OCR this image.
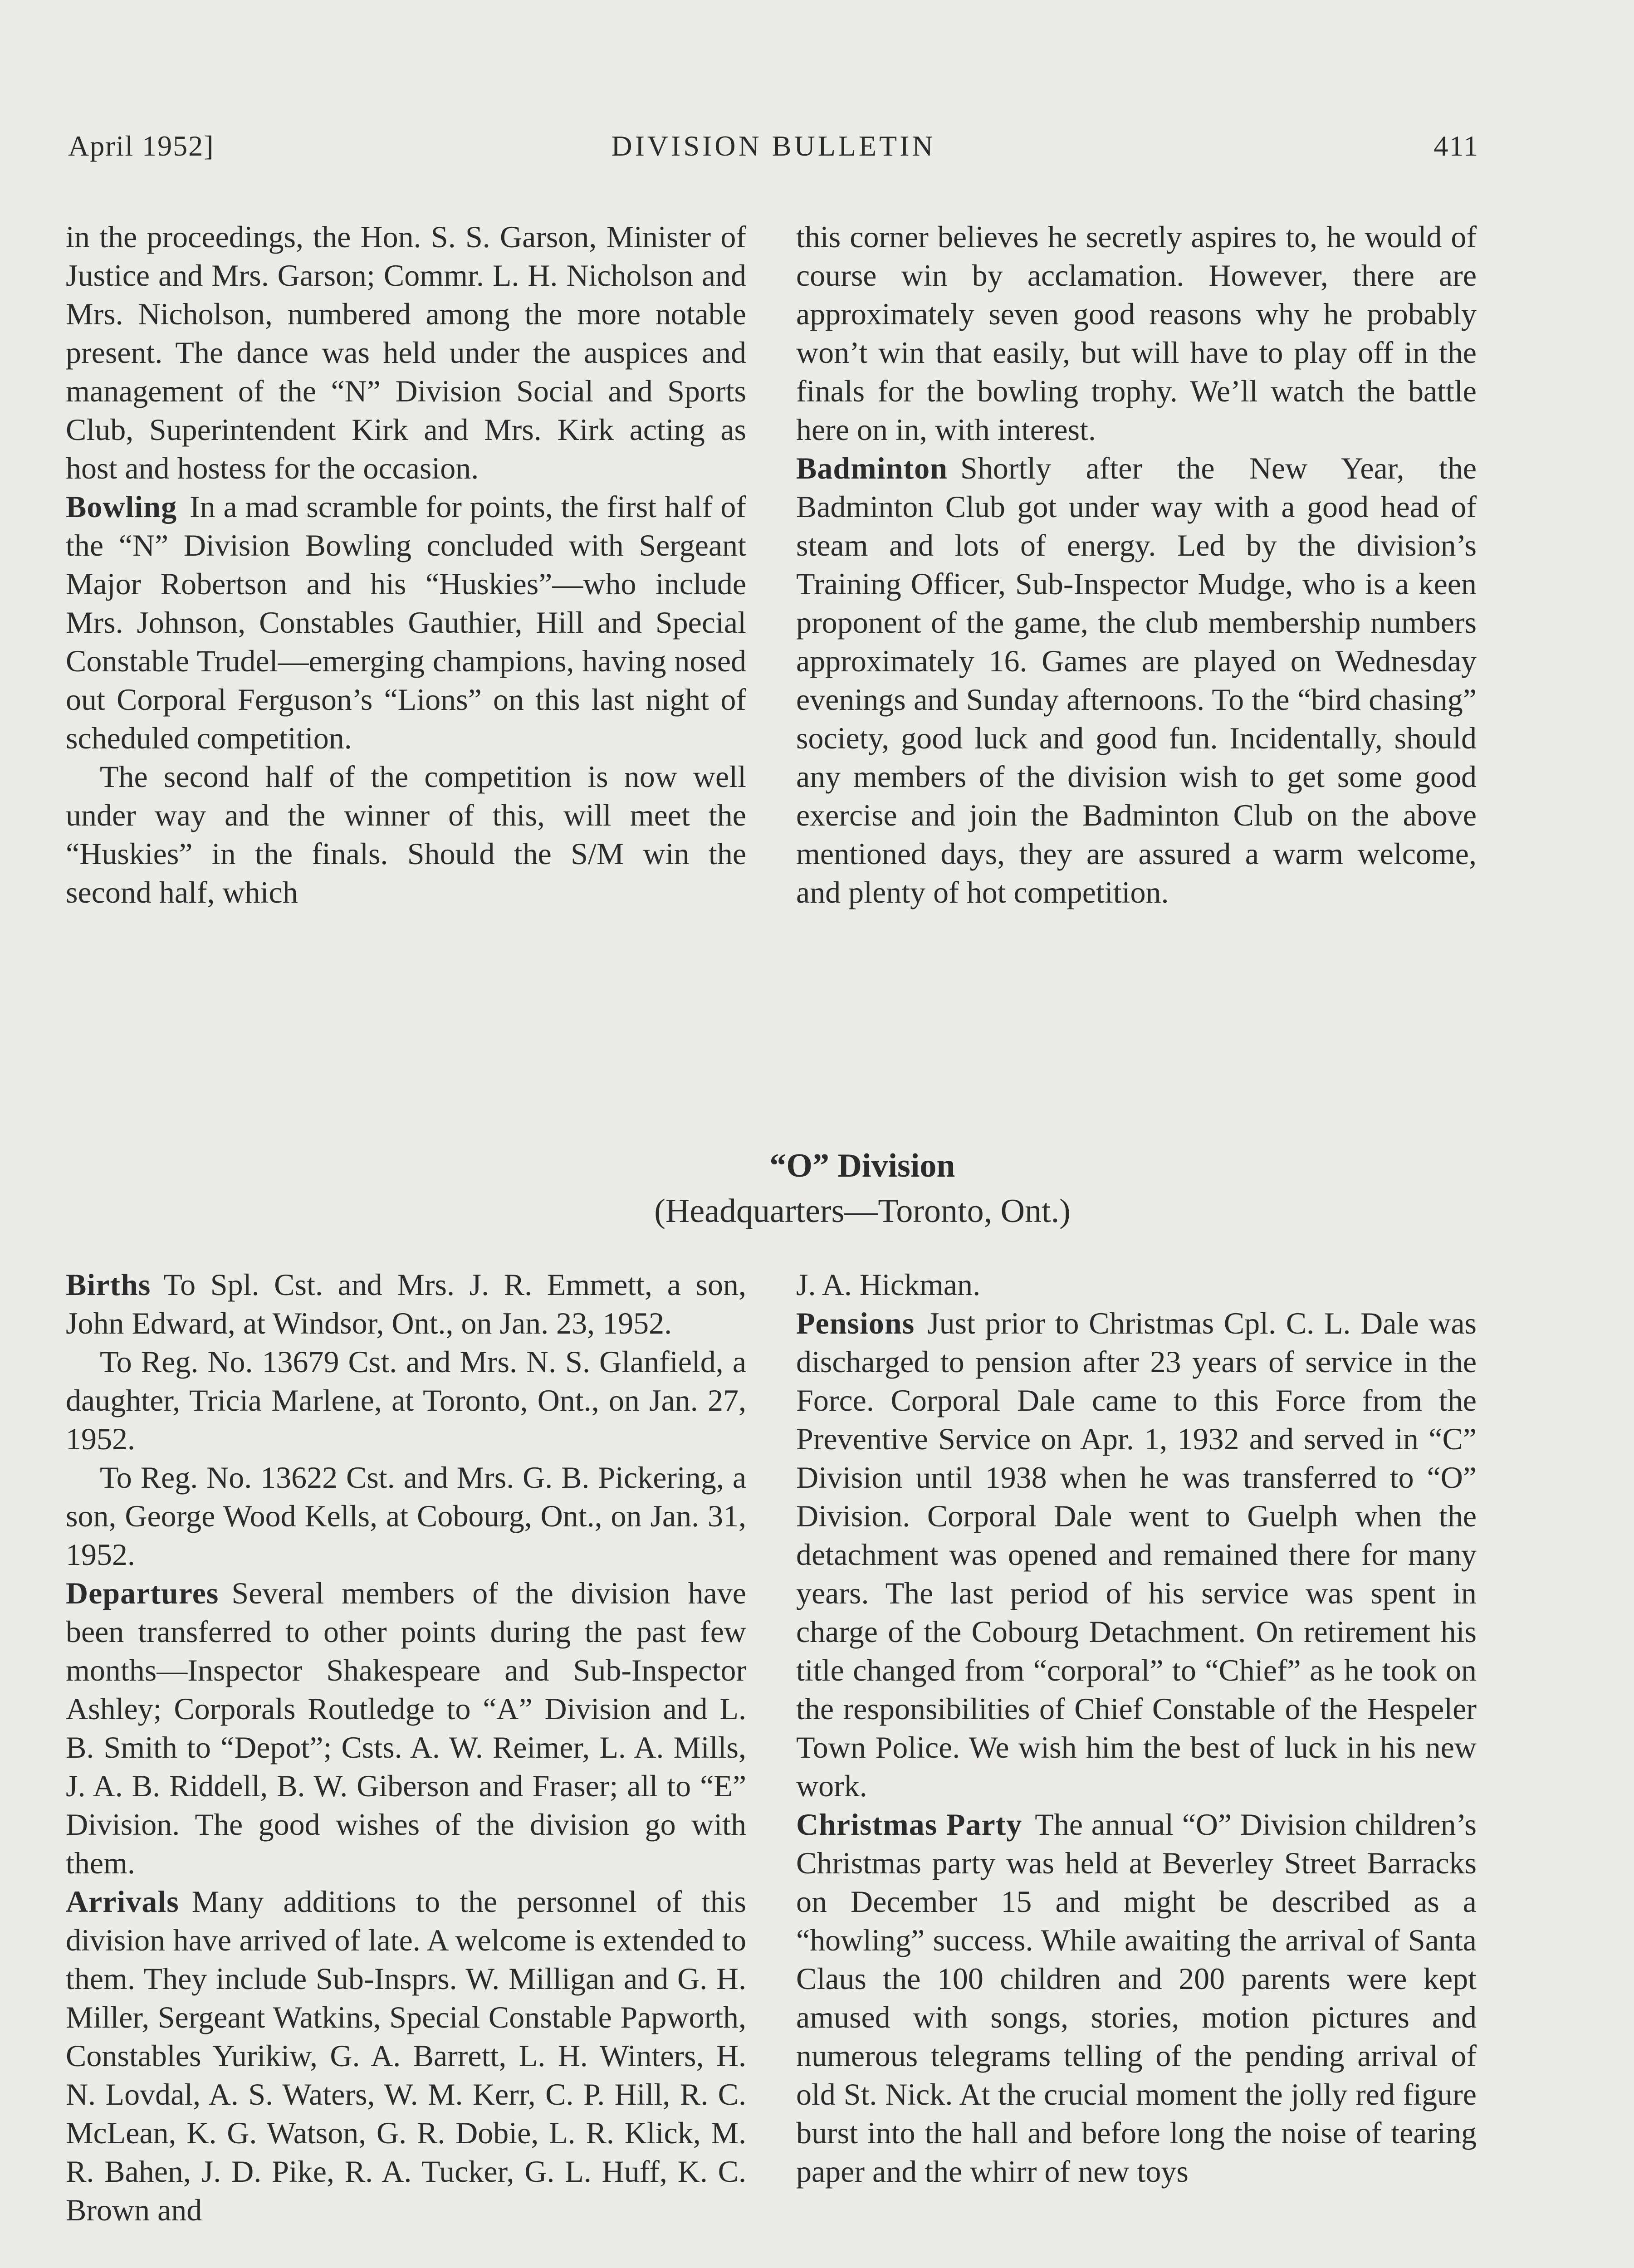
April 1952]	DIVISION BULLETIN	411

in the proceedings, the Hon. S. S. Garson, Minister of Justice and Mrs. Garson; Commr. L. H. Nicholson and Mrs. Nicholson, numbered among the more notable present. The dance was held under the auspices and management of the “N” Division Social and Sports Club, Superintendent Kirk and Mrs. Kirk acting as host and hostess for the occasion.

Bowling In a mad scramble for points, the first half of the “N” Division Bowling concluded with Sergeant Major Robertson and his “Huskies”—who include Mrs. Johnson, Constables Gauthier, Hill and Special Constable Trudel—emerging champions, having nosed out Corporal Ferguson’s “Lions” on this last night of scheduled competition.

The second half of the competition is now well under way and the winner of this, will meet the “Huskies” in the finals. Should the S/M win the second half, which

this corner believes he secretly aspires to, he would of course win by acclamation. However, there are approximately seven good reasons why he probably won’t win that easily, but will have to play off in the finals for the bowling trophy. We’ll watch the battle here on in, with interest.

Badminton Shortly after the New Year, the Badminton Club got under way with a good head of steam and lots of energy. Led by the division’s Training Officer, Sub-Inspector Mudge, who is a keen proponent of the game, the club membership numbers approximately 16. Games are played on Wednesday evenings and Sunday afternoons. To the “bird chasing” society, good luck and good fun. Incidentally, should any members of the division wish to get some good exercise and join the Badminton Club on the above mentioned days, they are assured a warm welcome, and plenty of hot competition.

“O” Division
(Headquarters—Toronto, Ont.)

Births To Spl. Cst. and Mrs. J. R. Emmett, a son, John Edward, at Windsor, Ont., on Jan. 23, 1952.

To Reg. No. 13679 Cst. and Mrs. N. S. Glanfield, a daughter, Tricia Marlene, at Toronto, Ont., on Jan. 27, 1952.

To Reg. No. 13622 Cst. and Mrs. G. B. Pickering, a son, George Wood Kells, at Cobourg, Ont., on Jan. 31, 1952.

Departures Several members of the division have been transferred to other points during the past few months—Inspector Shakespeare and Sub-Inspector Ashley; Corporals Routledge to “A” Division and L. B. Smith to “Depot”; Csts. A. W. Reimer, L. A. Mills, J. A. B. Riddell, B. W. Giberson and Fraser; all to “E” Division. The good wishes of the division go with them.

Arrivals Many additions to the personnel of this division have arrived of late. A welcome is extended to them. They include Sub-Insprs. W. Milligan and G. H. Miller, Sergeant Watkins, Special Constable Papworth, Constables Yurikiw, G. A. Barrett, L. H. Winters, H. N. Lovdal, A. S. Waters, W. M. Kerr, C. P. Hill, R. C. McLean, K. G. Watson, G. R. Dobie, L. R. Klick, M. R. Bahen, J. D. Pike, R. A. Tucker, G. L. Huff, K. C. Brown and

J. A. Hickman.

Pensions Just prior to Christmas Cpl. C. L. Dale was discharged to pension after 23 years of service in the Force. Corporal Dale came to this Force from the Preventive Service on Apr. 1, 1932 and served in “C” Division until 1938 when he was transferred to “O” Division. Corporal Dale went to Guelph when the detachment was opened and remained there for many years. The last period of his service was spent in charge of the Cobourg Detachment. On retirement his title changed from “corporal” to “Chief” as he took on the responsibilities of Chief Constable of the Hespeler Town Police. We wish him the best of luck in his new work.

Christmas Party The annual “O” Division children’s Christmas party was held at Beverley Street Barracks on December 15 and might be described as a “howling” success. While awaiting the arrival of Santa Claus the 100 children and 200 parents were kept amused with songs, stories, motion pictures and numerous telegrams telling of the pending arrival of old St. Nick. At the crucial moment the jolly red figure burst into the hall and before long the noise of tearing paper and the whirr of new toys
